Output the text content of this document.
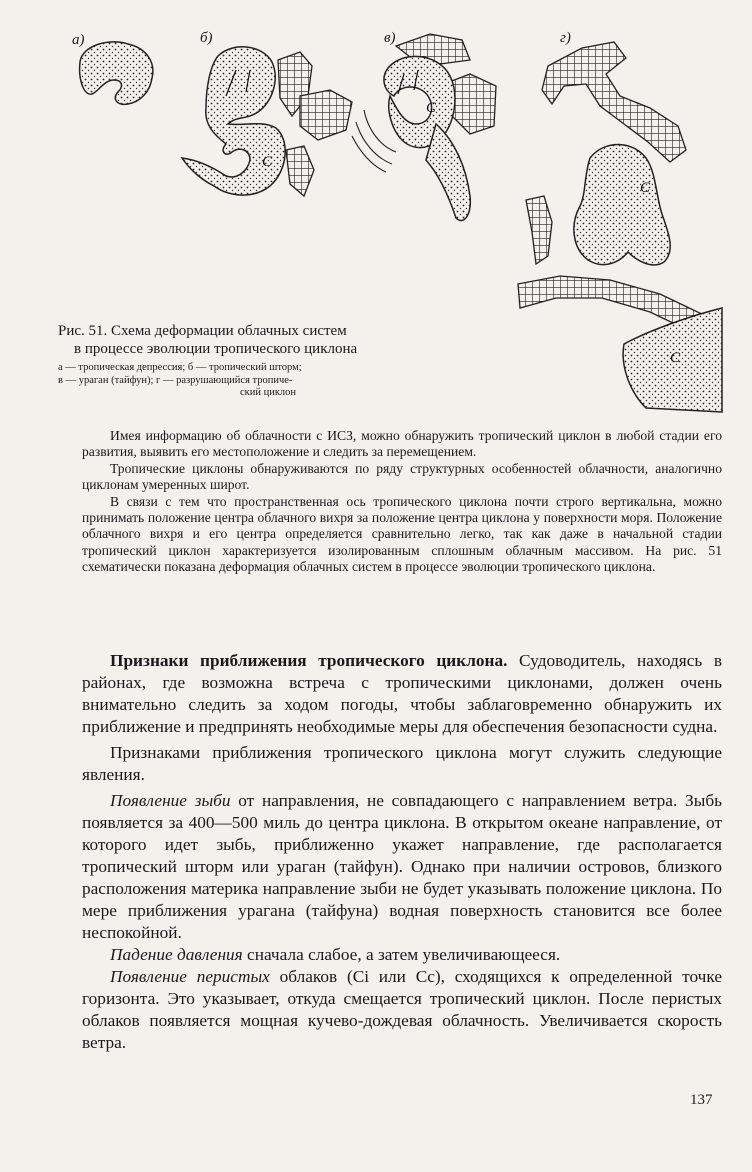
С
С
С
С
а)	б)	в)	г)
Рис. 51. Схема деформации облачных систем
в процессе эволюции тропического циклона
а — тропическая депрессия; б — тропический шторм;
в — ураган (тайфун); г — разрушающийся тропиче-
ский циклон

Имея информацию об облачности с ИСЗ, можно обнаружить тропический циклон в любой стадии его развития, выявить его местоположение и следить за перемещением.

Тропические циклоны обнаруживаются по ряду структурных особенностей облачности, аналогично циклонам умеренных широт.

В связи с тем что пространственная ось тропического циклона почти строго вертикальна, можно принимать положение центра облачного вихря за положение центра циклона у поверхности моря. Положение облачного вихря и его центра определяется сравнительно легко, так как даже в начальной стадии тропический циклон характеризуется изолированным сплошным облачным массивом. На рис. 51 схематически показана деформация облачных систем в процессе эволюции тропического циклона.

Признаки приближения тропического циклона. Судоводитель, находясь в районах, где возможна встреча с тропическими циклонами, должен очень внимательно следить за ходом погоды, чтобы заблаговременно обнаружить их приближение и предпринять необходимые меры для обеспечения безопасности судна.

Признаками приближения тропического циклона могут служить следующие явления.

Появление зыби от направления, не совпадающего с направлением ветра. Зыбь появляется за 400—500 миль до центра циклона. В открытом океане направление, от которого идет зыбь, приближенно укажет направление, где располагается тропический шторм или ураган (тайфун). Однако при наличии островов, близкого расположения материка направление зыби не будет указывать положение циклона. По мере приближения урагана (тайфуна) водная поверхность становится все более неспокойной.

Падение давления сначала слабое, а затем увеличивающееся.

Появление перистых облаков (Ci или Cc), сходящихся к определенной точке горизонта. Это указывает, откуда смещается тропический циклон. После перистых облаков появляется мощная кучево-дождевая облачность. Увеличивается скорость ветра.

137
